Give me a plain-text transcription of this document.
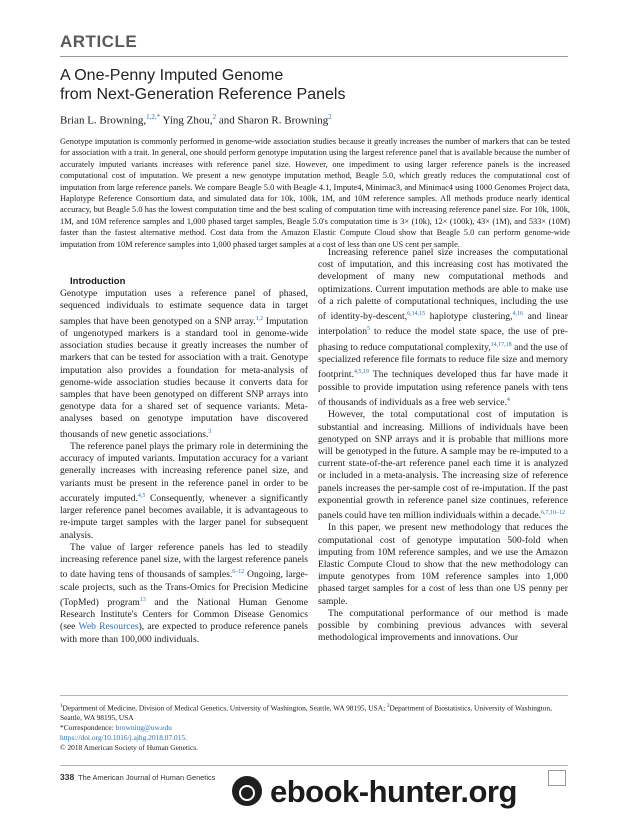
ARTICLE
A One-Penny Imputed Genome
from Next-Generation Reference Panels
Brian L. Browning,$^{1,2,*}$ Ying Zhou,$^2$ and Sharon R. Browning$^2$
Genotype imputation is commonly performed in genome-wide association studies because it greatly increases the number of markers that can be tested for association with a trait. In general, one should perform genotype imputation using the largest reference panel that is available because the number of accurately imputed variants increases with reference panel size. However, one impediment to using larger reference panels is the increased computational cost of imputation. We present a new genotype imputation method, Beagle 5.0, which greatly reduces the computational cost of imputation from large reference panels. We compare Beagle 5.0 with Beagle 4.1, Impute4, Minimac3, and Minimac4 using 1000 Genomes Project data, Haplotype Reference Consortium data, and simulated data for 10k, 100k, 1M, and 10M reference samples. All methods produce nearly identical accuracy, but Beagle 5.0 has the lowest computation time and the best scaling of computation time with increasing reference panel size. For 10k, 100k, 1M, and 10M reference samples and 1,000 phased target samples, Beagle 5.0's computation time is 3× (10k), 12× (100k), 43× (1M), and 533× (10M) faster than the fastest alternative method. Cost data from the Amazon Elastic Compute Cloud show that Beagle 5.0 can perform genome-wide imputation from 10M reference samples into 1,000 phased target samples at a cost of less than one US cent per sample.

Introduction

Genotype imputation uses a reference panel of phased, sequenced individuals to estimate sequence data in target samples that have been genotyped on a SNP array.$^{1,2}$ Imputation of ungenotyped markers is a standard tool in genome-wide association studies because it greatly increases the number of markers that can be tested for association with a trait. Genotype imputation also provides a foundation for meta-analysis of genome-wide association studies because it converts data for samples that have been genotyped on different SNP arrays into genotype data for a shared set of sequence variants. Meta-analyses based on genotype imputation have discovered thousands of new genetic associations.$^3$

The reference panel plays the primary role in determining the accuracy of imputed variants. Imputation accuracy for a variant generally increases with increasing reference panel size, and variants must be present in the reference panel in order to be accurately imputed.$^{4,5}$ Consequently, whenever a significantly larger reference panel becomes available, it is advantageous to re-impute target samples with the larger panel for subsequent analysis.

The value of larger reference panels has led to steadily increasing reference panel size, with the largest reference panels to date having tens of thousands of samples.$^{6-12}$ Ongoing, large-scale projects, such as the Trans-Omics for Precision Medicine (TopMed) program$^{13}$ and the National Human Genome Research Institute's Centers for Common Disease Genomics (see Web Resources), are expected to produce reference panels with more than 100,000 individuals.

Increasing reference panel size increases the computational cost of imputation, and this increasing cost has motivated the development of many new computational methods and optimizations. Current imputation methods are able to make use of a rich palette of computational techniques, including the use of identity-by-descent,$^{6,14,15}$ haplotype clustering,$^{4,16}$ and linear interpolation$^5$ to reduce the model state space, the use of pre-phasing to reduce computational complexity,$^{14,17,18}$ and the use of specialized reference file formats to reduce file size and memory footprint.$^{4,5,19}$ The techniques developed thus far have made it possible to provide imputation using reference panels with tens of thousands of individuals as a free web service.$^4$

However, the total computational cost of imputation is substantial and increasing. Millions of individuals have been genotyped on SNP arrays and it is probable that millions more will be genotyped in the future. A sample may be re-imputed to a current state-of-the-art reference panel each time it is analyzed or included in a meta-analysis. The increasing size of reference panels increases the per-sample cost of re-imputation. If the past exponential growth in reference panel size continues, reference panels could have ten million individuals within a decade.$^{6,7,10-12}$

In this paper, we present new methodology that reduces the computational cost of genotype imputation 500-fold when imputing from 10M reference samples, and we use the Amazon Elastic Compute Cloud to show that the new methodology can impute genotypes from 10M reference samples into 1,000 phased target samples for a cost of less than one US penny per sample.

The computational performance of our method is made possible by combining previous advances with several methodological improvements and innovations. Our

$^1$Department of Medicine, Division of Medical Genetics, University of Washington, Seattle, WA 98195, USA; $^2$Department of Biostatistics, University of Washington, Seattle, WA 98195, USA
*Correspondence: browning@uw.edu
https://doi.org/10.1016/j.ajhg.2018.07.015.
© 2018 American Society of Human Genetics.
338 The American Journal of Human Genetics ebook-hunter.org
